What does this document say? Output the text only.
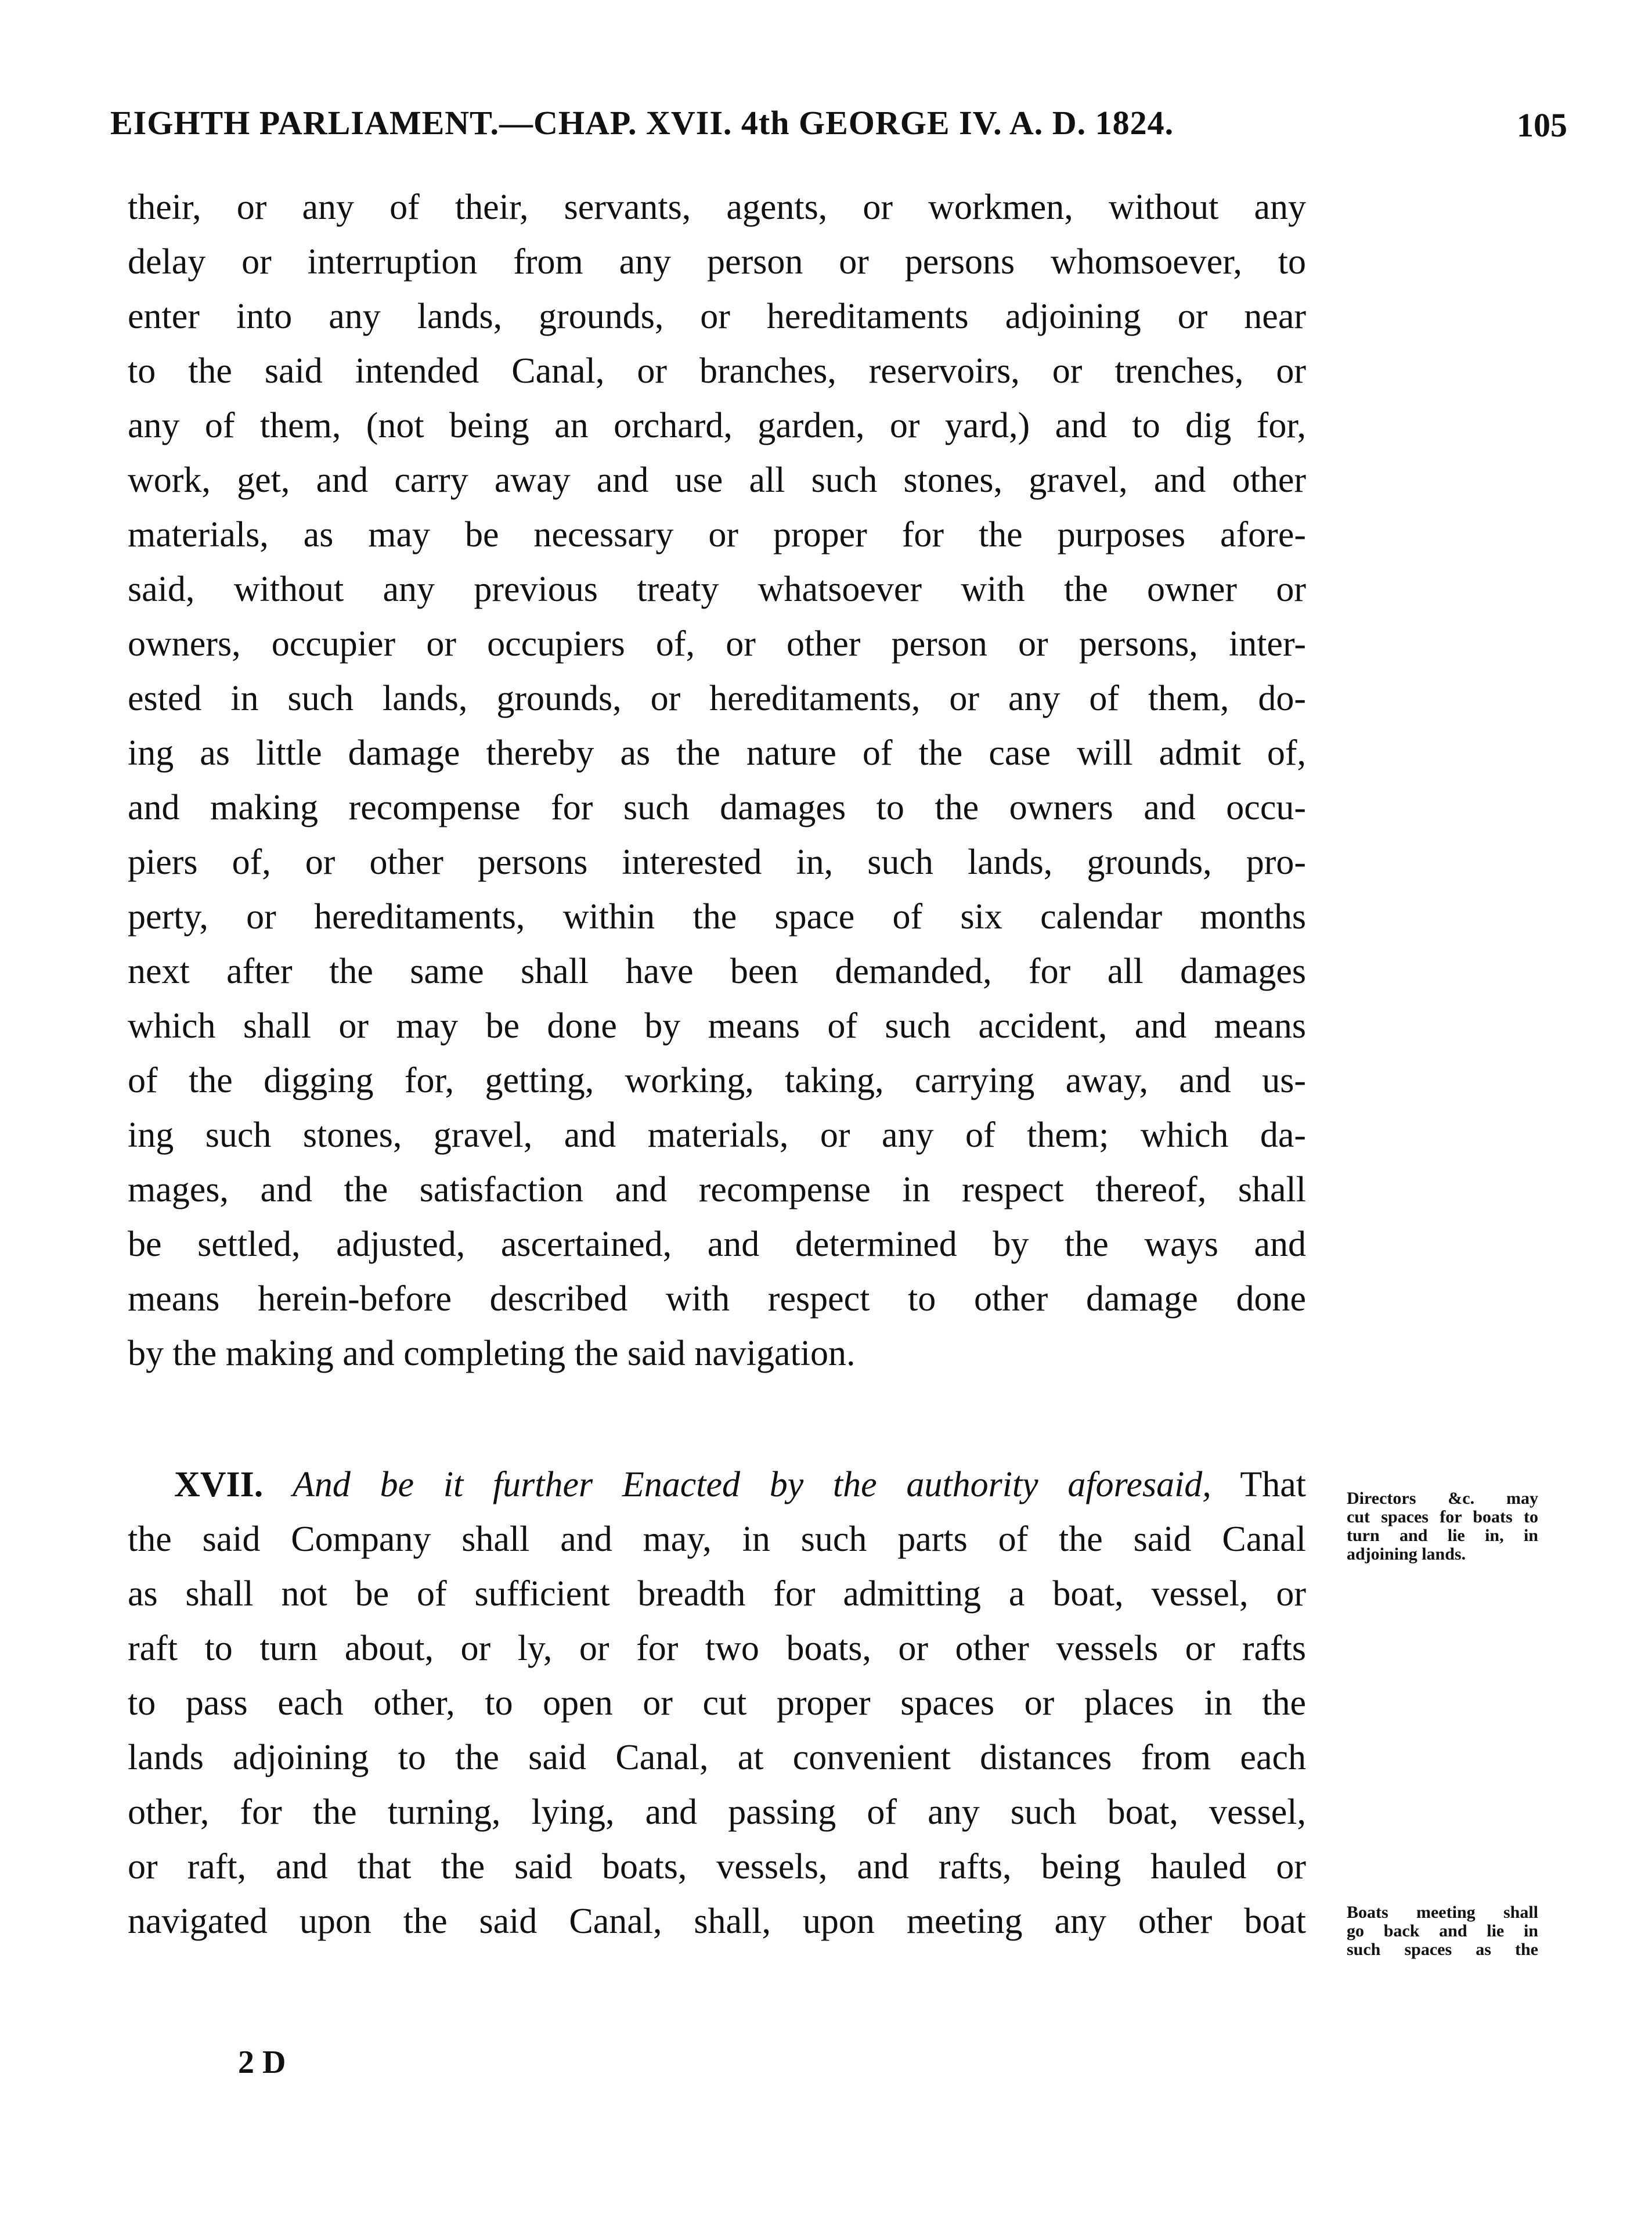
EIGHTH PARLIAMENT.—CHAP. XVII. 4th GEORGE IV. A. D. 1824.	105
their, or any of their, servants, agents, or workmen, without any
delay or interruption from any person or persons whomsoever, to
enter into any lands, grounds, or hereditaments adjoining or near
to the said intended Canal, or branches, reservoirs, or trenches, or
any of them, (not being an orchard, garden, or yard,) and to dig for,
work, get, and carry away and use all such stones, gravel, and other
materials, as may be necessary or proper for the purposes afore-
said, without any previous treaty whatsoever with the owner or
owners, occupier or occupiers of, or other person or persons, inter-
ested in such lands, grounds, or hereditaments, or any of them, do-
ing as little damage thereby as the nature of the case will admit of,
and making recompense for such damages to the owners and occu-
piers of, or other persons interested in, such lands, grounds, pro-
perty, or hereditaments, within the space of six calendar months
next after the same shall have been demanded, for all damages
which shall or may be done by means of such accident, and means
of the digging for, getting, working, taking, carrying away, and us-
ing such stones, gravel, and materials, or any of them; which da-
mages, and the satisfaction and recompense in respect thereof, shall
be settled, adjusted, ascertained, and determined by the ways and
means herein-before described with respect to other damage done
by the making and completing the said navigation.
XVII. And be it further Enacted by the authority aforesaid, That
the said Company shall and may, in such parts of the said Canal
as shall not be of sufficient breadth for admitting a boat, vessel, or
raft to turn about, or ly, or for two boats, or other vessels or rafts
to pass each other, to open or cut proper spaces or places in the
lands adjoining to the said Canal, at convenient distances from each
other, for the turning, lying, and passing of any such boat, vessel,
or raft, and that the said boats, vessels, and rafts, being hauled or
navigated upon the said Canal, shall, upon meeting any other boat
Directors &c. may
cut spaces for boats to
turn and lie in, in
adjoining lands.
Boats meeting shall
go back and lie in
such spaces as the
2 D
